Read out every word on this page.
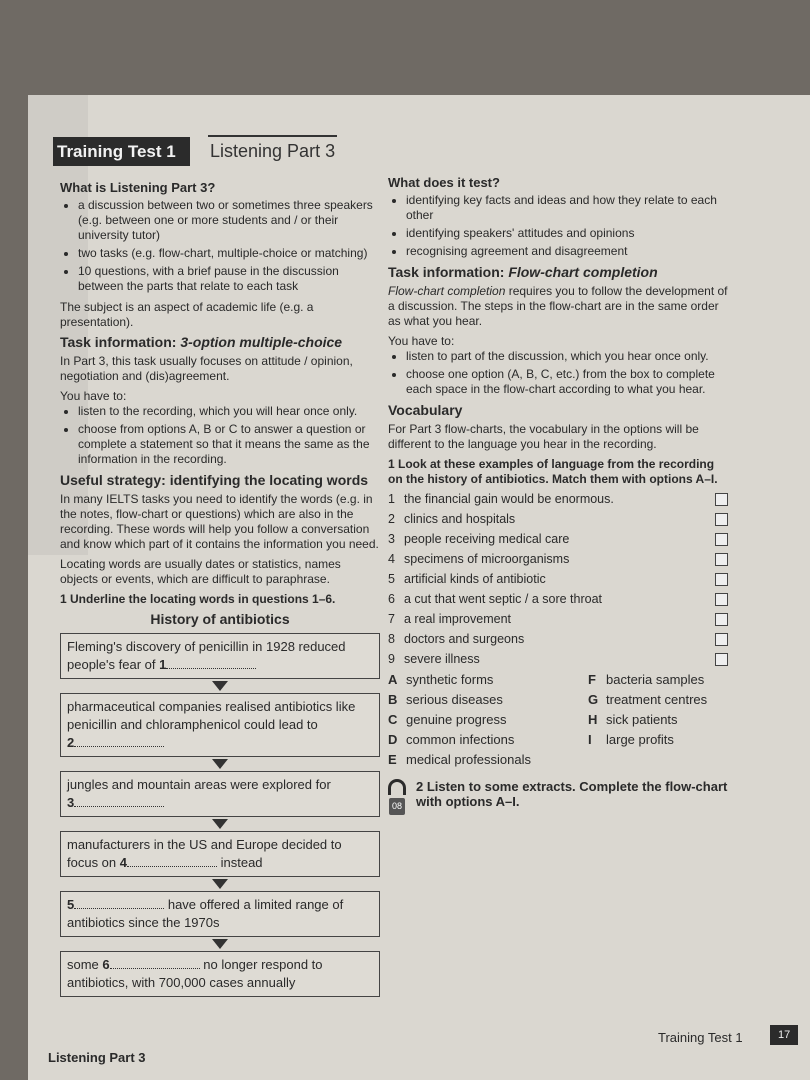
Training Test 1	Listening Part 3
What is Listening Part 3?
• a discussion between two or sometimes three speakers (e.g. between one or more students and / or their university tutor)
• two tasks (e.g. flow-chart, multiple-choice or matching)
• 10 questions, with a brief pause in the discussion between the parts that relate to each task

The subject is an aspect of academic life (e.g. a presentation).

Task information: 3-option multiple-choice

In Part 3, this task usually focuses on attitude / opinion, negotiation and (dis)agreement.

You have to:

• listen to the recording, which you will hear once only.
• choose from options A, B or C to answer a question or complete a statement so that it means the same as the information in the recording.
Useful strategy: identifying the locating words

In many IELTS tasks you need to identify the words (e.g. in the notes, flow-chart or questions) which are also in the recording. These words will help you follow a conversation and know which part of it contains the information you need.

Locating words are usually dates or statistics, names objects or events, which are difficult to paraphrase.

1 Underline the locating words in questions 1–6.

History of antibiotics
Fleming's discovery of penicillin in 1928 reduced people's fear of 1
pharmaceutical companies realised antibiotics like penicillin and chloramphenicol could lead to
2
jungles and mountain areas were explored for
3
manufacturers in the US and Europe decided to focus on 4	instead
5	have offered a limited range of antibiotics since the 1970s
some 6	no longer respond to antibiotics, with 700,000 cases annually
What does it test?
• identifying key facts and ideas and how they relate to each other
• identifying speakers' attitudes and opinions
• recognising agreement and disagreement
Task information: Flow-chart completion

Flow-chart completion requires you to follow the development of a discussion. The steps in the flow-chart are in the same order as what you hear.

You have to:

• listen to part of the discussion, which you hear once only.
• choose one option (A, B, C, etc.) from the box to complete each space in the flow-chart according to what you hear.
Vocabulary

For Part 3 flow-charts, the vocabulary in the options will be different to the language you hear in the recording.

1 Look at these examples of language from the recording on the history of antibiotics. Match them with options A–I.

1 the financial gain would be enormous.
2 clinics and hospitals
3 people receiving medical care
4 specimens of microorganisms
5 artificial kinds of antibiotic
6 a cut that went septic / a sore throat
7 a real improvement
8 doctors and surgeons
9 severe illness
A synthetic forms	F bacteria samples
B serious diseases	G treatment centres
C genuine progress	H sick patients
D common infections	I large profits
E medical professionals
08
2 Listen to some extracts. Complete the flow-chart with options A–I.
Listening Part 3
Training Test 1	17
